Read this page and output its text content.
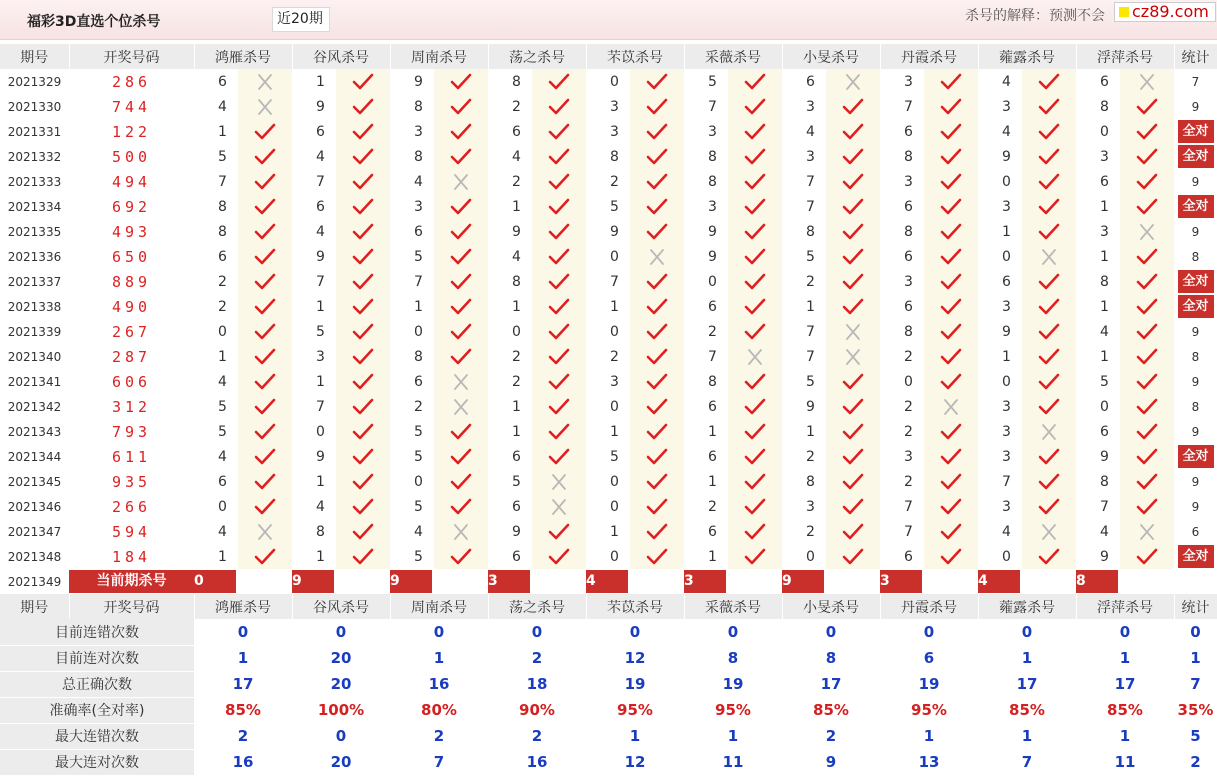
福彩3D直选个位杀号	近20期	杀号的解释：预测不会	cz89.com
期号	开奖号码	鸿雁杀号		谷风杀号		周南杀号		荡之杀号		芣苡杀号		采薇杀号		小旻杀号		丹霞杀号		蕹露杀号		浮萍杀号		统计
2021329	286	6		1		9		8		0		5		6		3		4		6		7
2021330	744	4		9		8		2		3		7		3		7		3		8		9
2021331	122	1		6		3		6		3		3		4		6		4		0		全对
2021332	500	5		4		8		4		8		8		3		8		9		3		全对
2021333	494	7		7		4		2		2		8		7		3		0		6		9
2021334	692	8		6		3		1		5		3		7		6		3		1		全对
2021335	493	8		4		6		9		9		9		8		8		1		3		9
2021336	650	6		9		5		4		0		9		5		6		0		1		8
2021337	889	2		7		7		8		7		0		2		3		6		8		全对
2021338	490	2		1		1		1		1		6		1		6		3		1		全对
2021339	267	0		5		0		0		0		2		7		8		9		4		9
2021340	287	1		3		8		2		2		7		7		2		1		1		8
2021341	606	4		1		6		2		3		8		5		0		0		5		9
2021342	312	5		7		2		1		0		6		9		2		3		0		8
2021343	793	5		0		5		1		1		1		1		2		3		6		9
2021344	611	4		9		5		6		5		6		2		3		3		9		全对
2021345	935	6		1		0		5		0		1		8		2		7		8		9
2021346	266	0		4		5		6		0		2		3		7		3		7		9
2021347	594	4		8		4		9		1		6		2		7		4		4		6
2021348	184	1		1		5		6		0		1		0		6		0		9		全对
2021349	当前期杀号	0		9		9		3		4		3		9		3		4		8		

期号	开奖号码	鸿雁杀号		谷风杀号		周南杀号		荡之杀号		芣苡杀号		采薇杀号		小旻杀号		丹霞杀号		蕹露杀号		浮萍杀号		统计
目前连错次数		0		0		0		0		0		0		0		0		0		0		0
目前连对次数		1		20		1		2		12		8		8		6		1		1		1
总正确次数		17		20		16		18		19		19		17		19		17		17		7
准确率(全对率)		85%		100%		80%		90%		95%		95%		85%		95%		85%		85%		35%
最大连错次数		2		0		2		2		1		1		2		1		1		1		5
最大连对次数		16		20		7		16		12		11		9		13		7		11		2
